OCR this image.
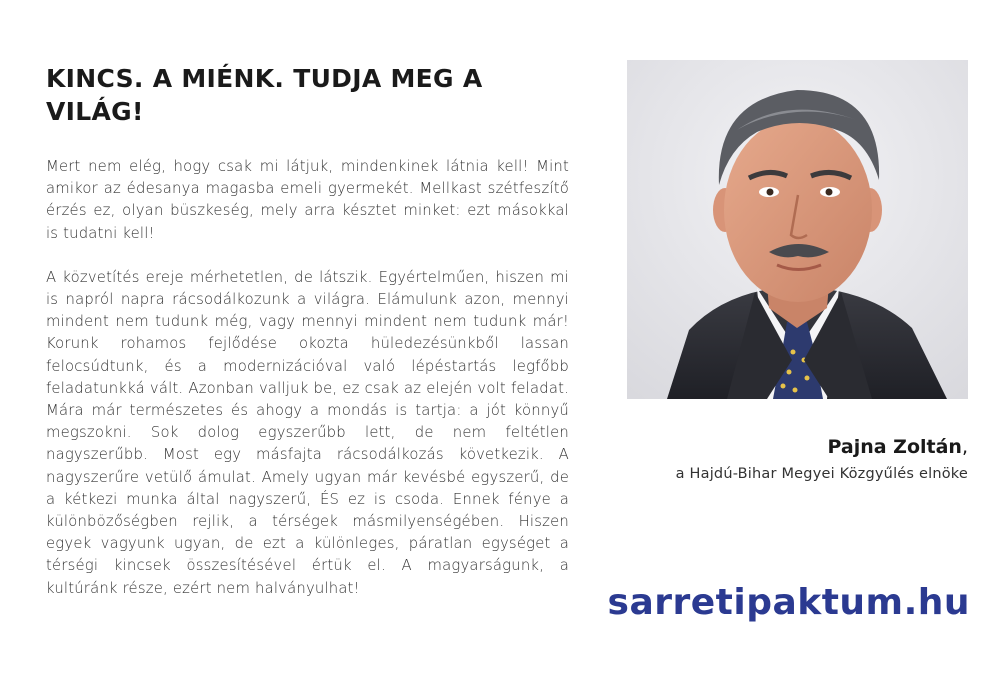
KINCS. A MIÉNK. TUDJA MEG A VILÁG!

Mert nem elég, hogy csak mi látjuk, mindenkinek látnia kell! Mint amikor az édesanya magasba emeli gyermekét. Mellkast szétfeszítő érzés ez, olyan büszkeség, mely arra késztet minket: ezt másokkal is tudatni kell!

A közvetítés ereje mérhetetlen, de látszik. Egyértelműen, hiszen mi is napról napra rácsodálkozunk a világra. Elámulunk azon, mennyi mindent nem tudunk még, vagy mennyi mindent nem tudunk már! Korunk rohamos fejlődése okozta hüledezésünkből lassan felocsúdtunk, és a modernizációval való lépéstartás legfőbb feladatunkká vált. Azonban valljuk be, ez csak az elején volt feladat. Mára már természetes és ahogy a mondás is tartja: a jót könnyű megszokni. Sok dolog egyszerűbb lett, de nem feltétlen nagyszerűbb. Most egy másfajta rácsodálkozás következik. A nagyszerűre vetülő ámulat. Amely ugyan már kevésbé egyszerű, de a kétkezi munka által nagyszerű, ÉS ez is csoda. Ennek fénye a különbözőségben rejlik, a térségek másmilyenségében. Hiszen egyek vagyunk ugyan, de ezt a különleges, páratlan egységet a térségi kincsek összesítésével értük el. A magyarságunk, a kultúránk része, ezért nem halványulhat!

Pajna Zoltán,
a Hajdú-Bihar Megyei Közgyűlés elnöke
sarretipaktum.hu
